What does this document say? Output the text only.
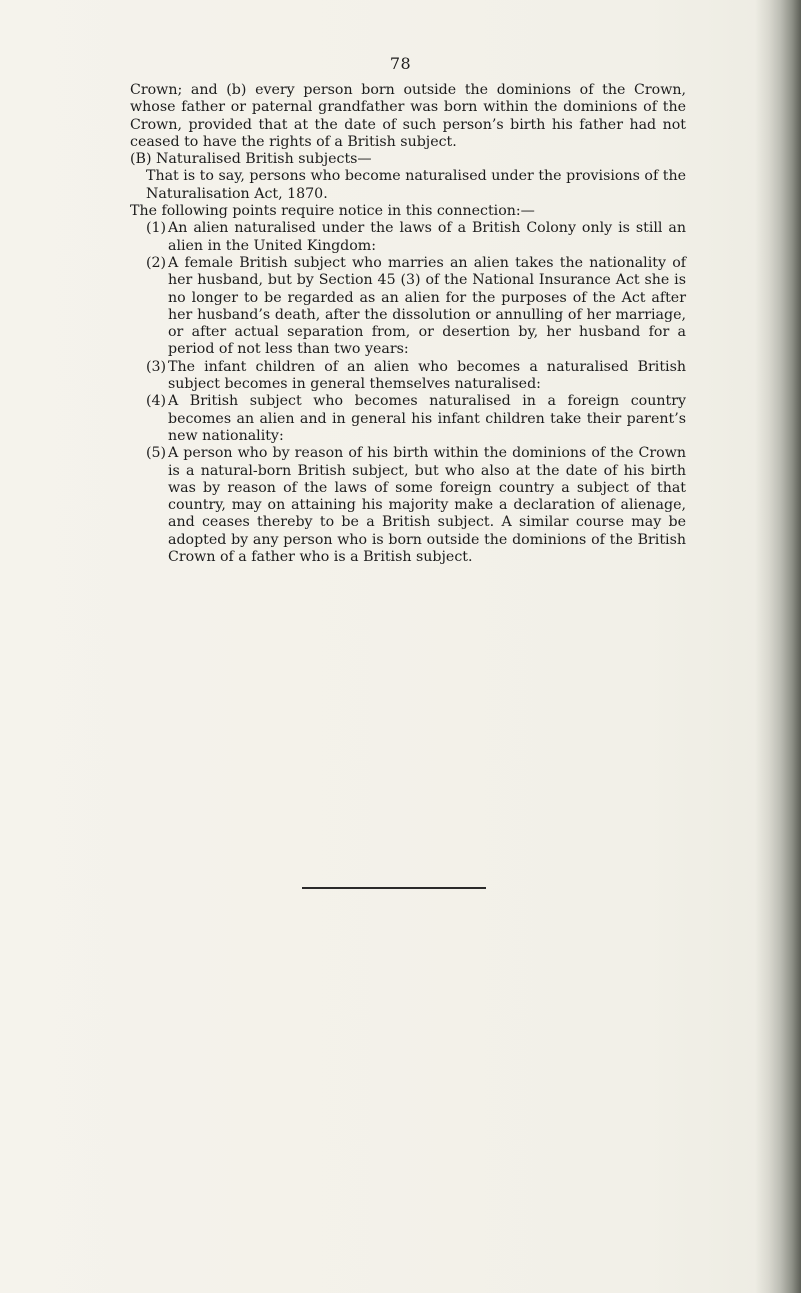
78

Crown; and (b) every person born outside the dominions of the Crown, whose father or paternal grandfather was born within the dominions of the Crown, provided that at the date of such person’s birth his father had not ceased to have the rights of a British subject.

(B) Naturalised British subjects—

That is to say, persons who become naturalised under the provisions of the Naturalisation Act, 1870.

The following points require notice in this connection:—

(1) An alien naturalised under the laws of a British Colony only is still an alien in the United Kingdom:
(2) A female British subject who marries an alien takes the nationality of her husband, but by Section 45 (3) of the National Insurance Act she is no longer to be regarded as an alien for the purposes of the Act after her husband’s death, after the dissolution or annulling of her marriage, or after actual separation from, or desertion by, her husband for a period of not less than two years:
(3) The infant children of an alien who becomes a naturalised British subject becomes in general themselves naturalised:
(4) A British subject who becomes naturalised in a foreign country becomes an alien and in general his infant children take their parent’s new nationality:
(5) A person who by reason of his birth within the dominions of the Crown is a natural-born British subject, but who also at the date of his birth was by reason of the laws of some foreign country a subject of that country, may on attaining his majority make a declaration of alienage, and ceases thereby to be a British subject. A similar course may be adopted by any person who is born outside the dominions of the British Crown of a father who is a British subject.
